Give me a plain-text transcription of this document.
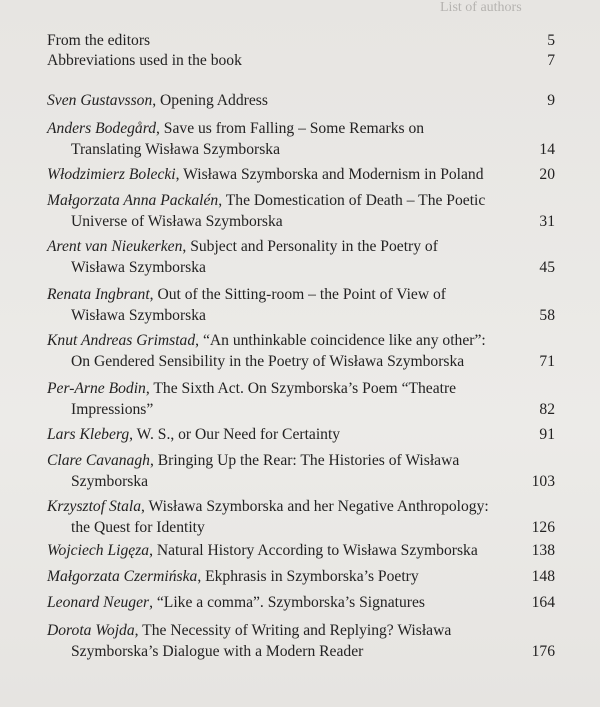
List of authors
From the editors	5
Abbreviations used in the book	7
Sven Gustavsson, Opening Address	9
Anders Bodegård, Save us from Falling – Some Remarks on Translating Wisława Szymborska	14
Włodzimierz Bolecki, Wisława Szymborska and Modernism in Poland	20
Małgorzata Anna Packalén, The Domestication of Death – The Poetic Universe of Wisława Szymborska	31
Arent van Nieukerken, Subject and Personality in the Poetry of Wisława Szymborska	45
Renata Ingbrant, Out of the Sitting-room – the Point of View of Wisława Szymborska	58
Knut Andreas Grimstad, “An unthinkable coincidence like any other”: On Gendered Sensibility in the Poetry of Wisława Szymborska	71
Per-Arne Bodin, The Sixth Act. On Szymborska’s Poem “Theatre Impressions”	82
Lars Kleberg, W. S., or Our Need for Certainty	91
Clare Cavanagh, Bringing Up the Rear: The Histories of Wisława Szymborska	103
Krzysztof Stala, Wisława Szymborska and her Negative Anthropology: the Quest for Identity	126
Wojciech Ligęza, Natural History According to Wisława Szymborska	138
Małgorzata Czermińska, Ekphrasis in Szymborska’s Poetry	148
Leonard Neuger, “Like a comma”. Szymborska’s Signatures	164
Dorota Wojda, The Necessity of Writing and Replying? Wisława Szymborska’s Dialogue with a Modern Reader	176
